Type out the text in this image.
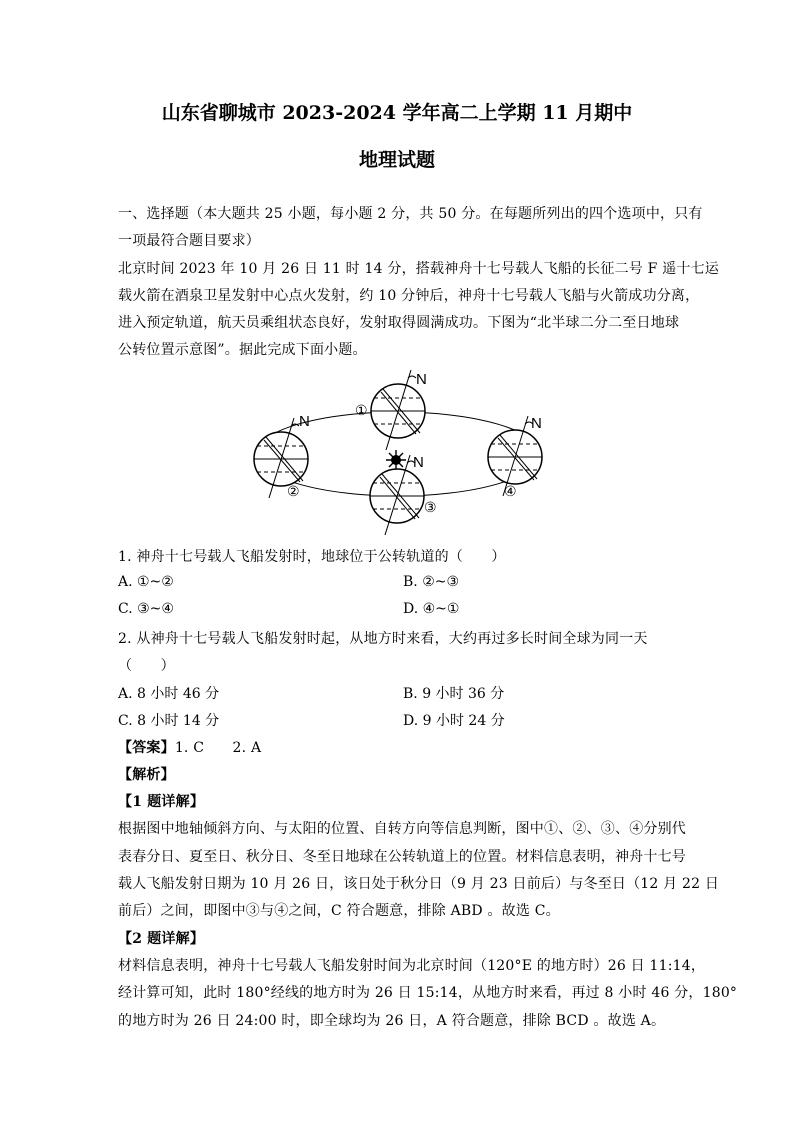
山东省聊城市 2023-2024 学年高二上学期 11 月期中
地理试题
一、选择题（本大题共 25 小题，每小题 2 分，共 50 分。在每题所列出的四个选项中，只有
一项最符合题目要求）
北京时间 2023 年 10 月 26 日 11 时 14 分，搭载神舟十七号载人飞船的长征二号 F 遥十七运
载火箭在酒泉卫星发射中心点火发射，约 10 分钟后，神舟十七号载人飞船与火箭成功分离，
进入预定轨道，航天员乘组状态良好，发射取得圆满成功。下图为“北半球二分二至日地球
公转位置示意图”。据此完成下面小题。
N
①
N
②
N
③
N
④
1. 神舟十七号载人飞船发射时，地球位于公转轨道的（　　）
A. ①~②	B. ②~③
C. ③~④	D. ④~①
2. 从神舟十七号载人飞船发射时起，从地方时来看，大约再过多长时间全球为同一天
（　　）
A. 8 小时 46 分	B. 9 小时 36 分
C. 8 小时 14 分	D. 9 小时 24 分
【答案】1. C　　2. A
【解析】
【1 题详解】
根据图中地轴倾斜方向、与太阳的位置、自转方向等信息判断，图中①、②、③、④分别代
表春分日、夏至日、秋分日、冬至日地球在公转轨道上的位置。材料信息表明，神舟十七号
载人飞船发射日期为 10 月 26 日，该日处于秋分日（9 月 23 日前后）与冬至日（12 月 22 日
前后）之间，即图中③与④之间，C 符合题意，排除 ABD 。故选 C。
【2 题详解】
材料信息表明，神舟十七号载人飞船发射时间为北京时间（120°E 的地方时）26 日 11:14，
经计算可知，此时 180°经线的地方时为 26 日 15:14，从地方时来看，再过 8 小时 46 分，180°
的地方时为 26 日 24:00 时，即全球均为 26 日，A 符合题意，排除 BCD 。故选 A。
